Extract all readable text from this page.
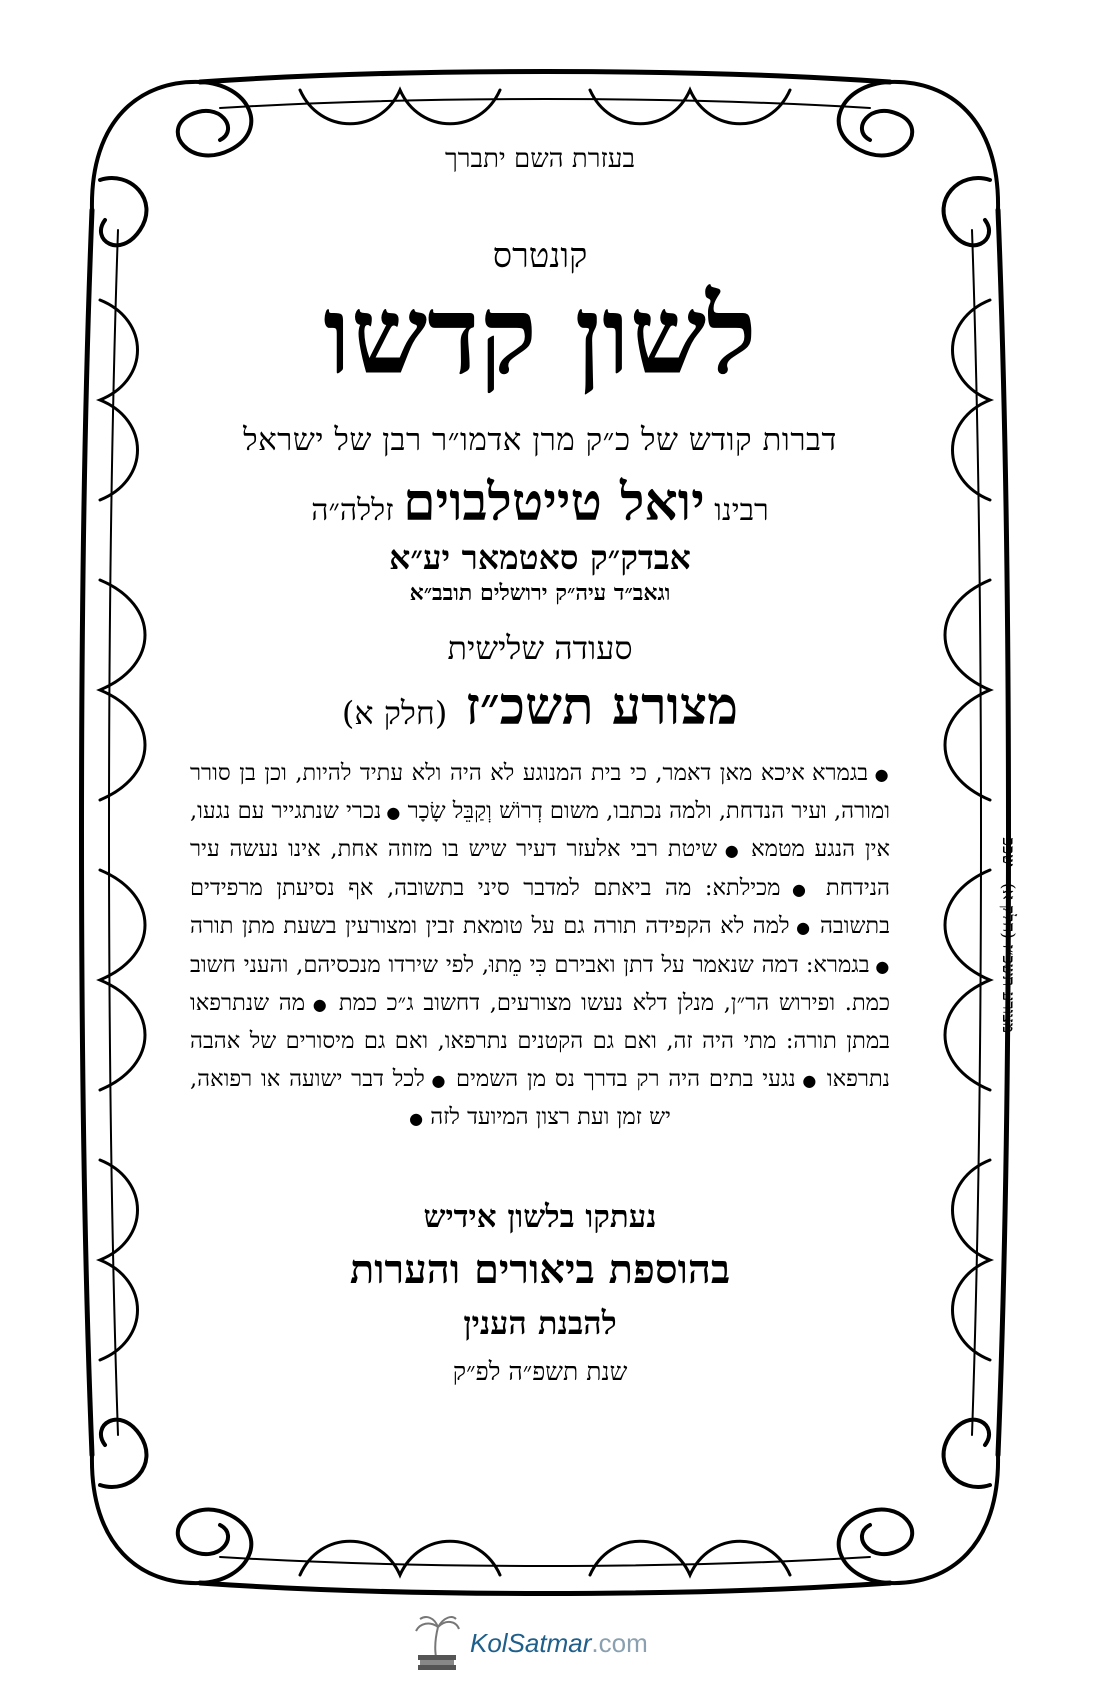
בעזרת השם יתברך

קונטרס

לשון קדשו

דברות קודש של כ״ק מרן אדמו״ר רבן של ישראל

רבינו יואל טייטלבוים זללה״ה

אבדק״ק סאטמאר יע״א

וגאב״ד עיה״ק ירושלים תובב״א

סעודה שלישית

מצורע תשכ״ז (חלק א)

● בגמרא איכא מאן דאמר, כי בית המנוגע לא היה ולא עתיד להיות, וכן בן סורר ומורה, ועיר הנדחת, ולמה נכתבו, משום דְרוֹשׁ וְקַבֵּל שָׂכָר ● נכרי שנתגייר עם נגעו, אין הנגע מטמא ● שיטת רבי אלעזר דעיר שיש בו מזוזה אחת, אינו נעשה עיר הנידחת ● מכילתא: מה ביאתם למדבר סיני בתשובה, אף נסיעתן מרפידים בתשובה ● למה לא הקפידה תורה גם על טומאת זבין ומצורעין בשעת מתן תורה ● בגמרא: דמה שנאמר על דתן ואבירם כִּי מֵתוּ, לפי שירדו מנכסיהם, והעני חשוב כמת. ופירוש הר״ן, מנלן דלא נעשו מצורעים, דחשוב ג״כ כמת ● מה שנתרפאו במתן תורה: מתי היה זה, ואם גם הקטנים נתרפאו, ואם גם מיסורים של אהבה נתרפאו ● נגעי בתים היה רק בדרך נס מן השמים ● לכל דבר ישועה או רפואה, יש זמן ועת רצון המיועד לזה ●

נעתקו בלשון אידיש

בהוספת ביאורים והערות

להבנת הענין

שנת תשפ״ה לפ״ק

מצורע תשכ״ז (חלק א) - שכפ
KolSatmar.com
